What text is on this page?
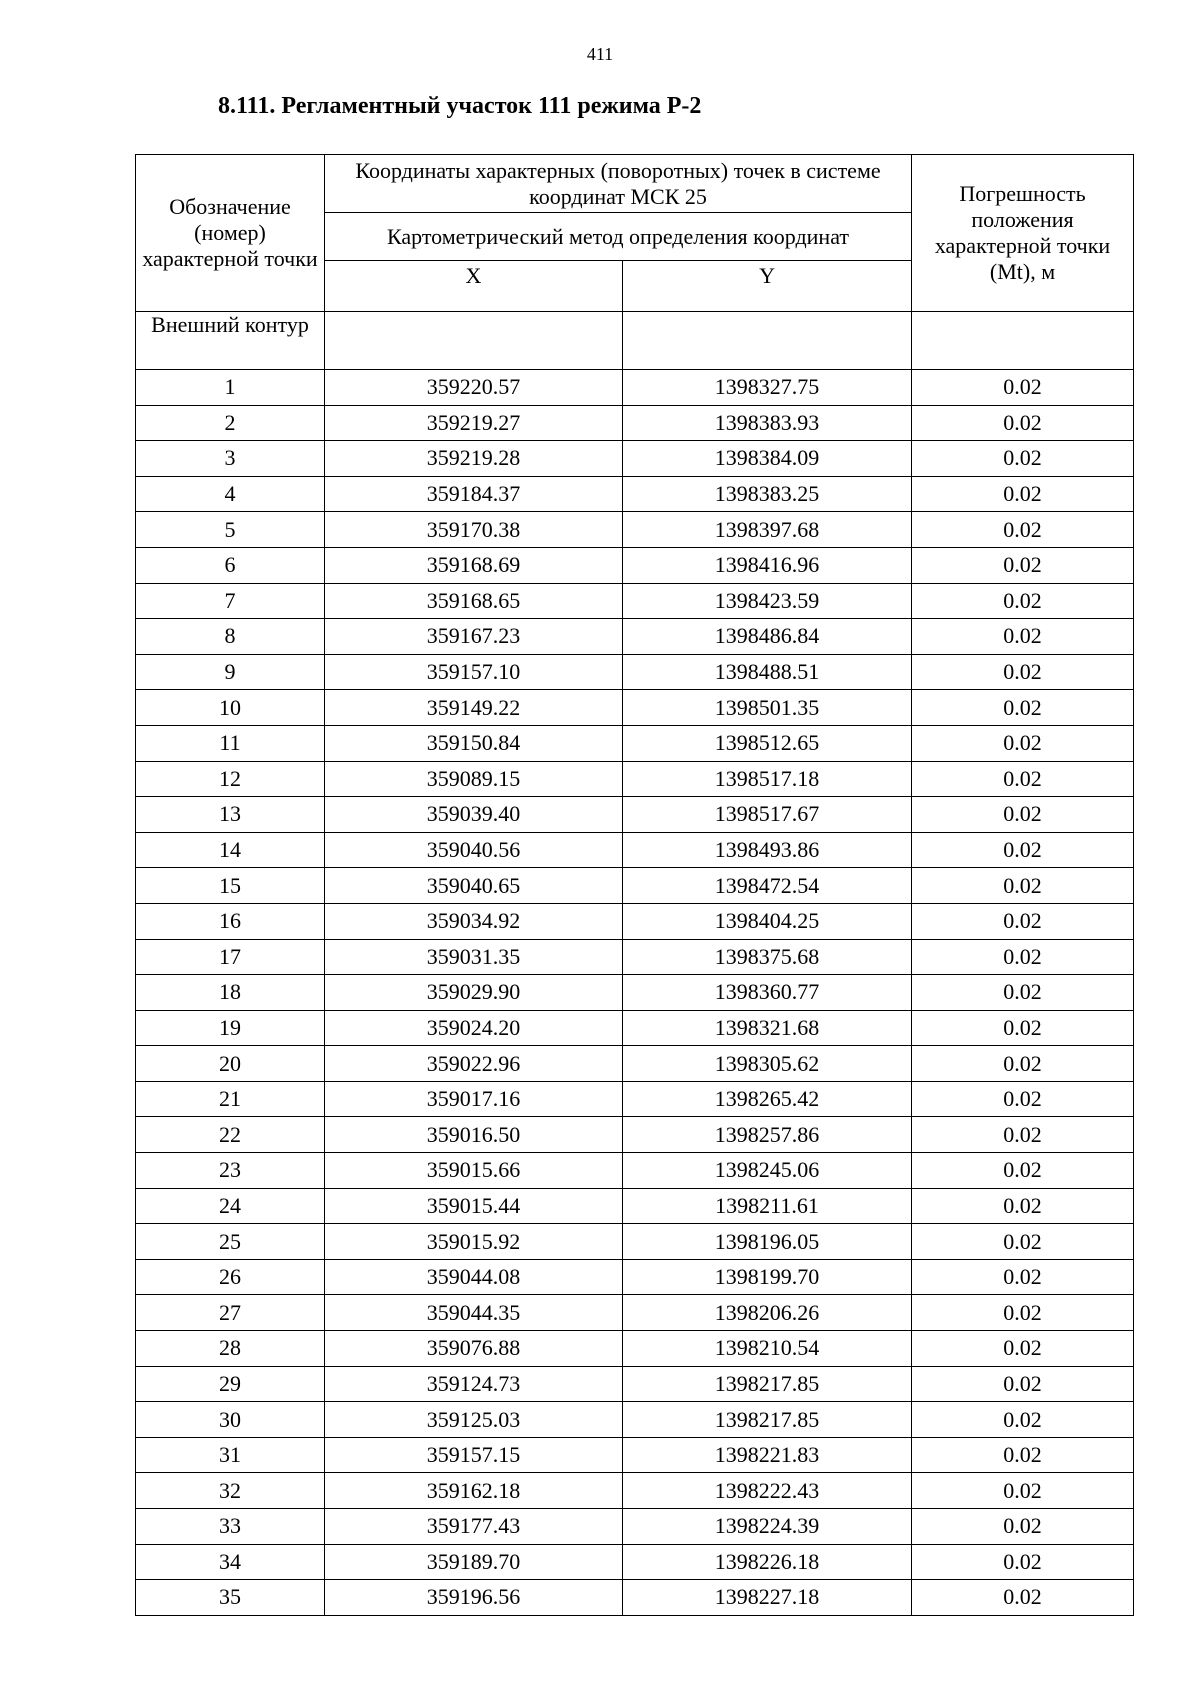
411
8.111. Регламентный участок 111 режима Р-2
Обозначение (номер) характерной точки	Координаты характерных (поворотных) точек в системе координат МСК 25		Погрешность положения характерной точки (Mt), м
	Картометрический метод определения координат		
	X	Y	
Внешний контур			
1	359220.57	1398327.75	0.02
2	359219.27	1398383.93	0.02
3	359219.28	1398384.09	0.02
4	359184.37	1398383.25	0.02
5	359170.38	1398397.68	0.02
6	359168.69	1398416.96	0.02
7	359168.65	1398423.59	0.02
8	359167.23	1398486.84	0.02
9	359157.10	1398488.51	0.02
10	359149.22	1398501.35	0.02
11	359150.84	1398512.65	0.02
12	359089.15	1398517.18	0.02
13	359039.40	1398517.67	0.02
14	359040.56	1398493.86	0.02
15	359040.65	1398472.54	0.02
16	359034.92	1398404.25	0.02
17	359031.35	1398375.68	0.02
18	359029.90	1398360.77	0.02
19	359024.20	1398321.68	0.02
20	359022.96	1398305.62	0.02
21	359017.16	1398265.42	0.02
22	359016.50	1398257.86	0.02
23	359015.66	1398245.06	0.02
24	359015.44	1398211.61	0.02
25	359015.92	1398196.05	0.02
26	359044.08	1398199.70	0.02
27	359044.35	1398206.26	0.02
28	359076.88	1398210.54	0.02
29	359124.73	1398217.85	0.02
30	359125.03	1398217.85	0.02
31	359157.15	1398221.83	0.02
32	359162.18	1398222.43	0.02
33	359177.43	1398224.39	0.02
34	359189.70	1398226.18	0.02
35	359196.56	1398227.18	0.02
